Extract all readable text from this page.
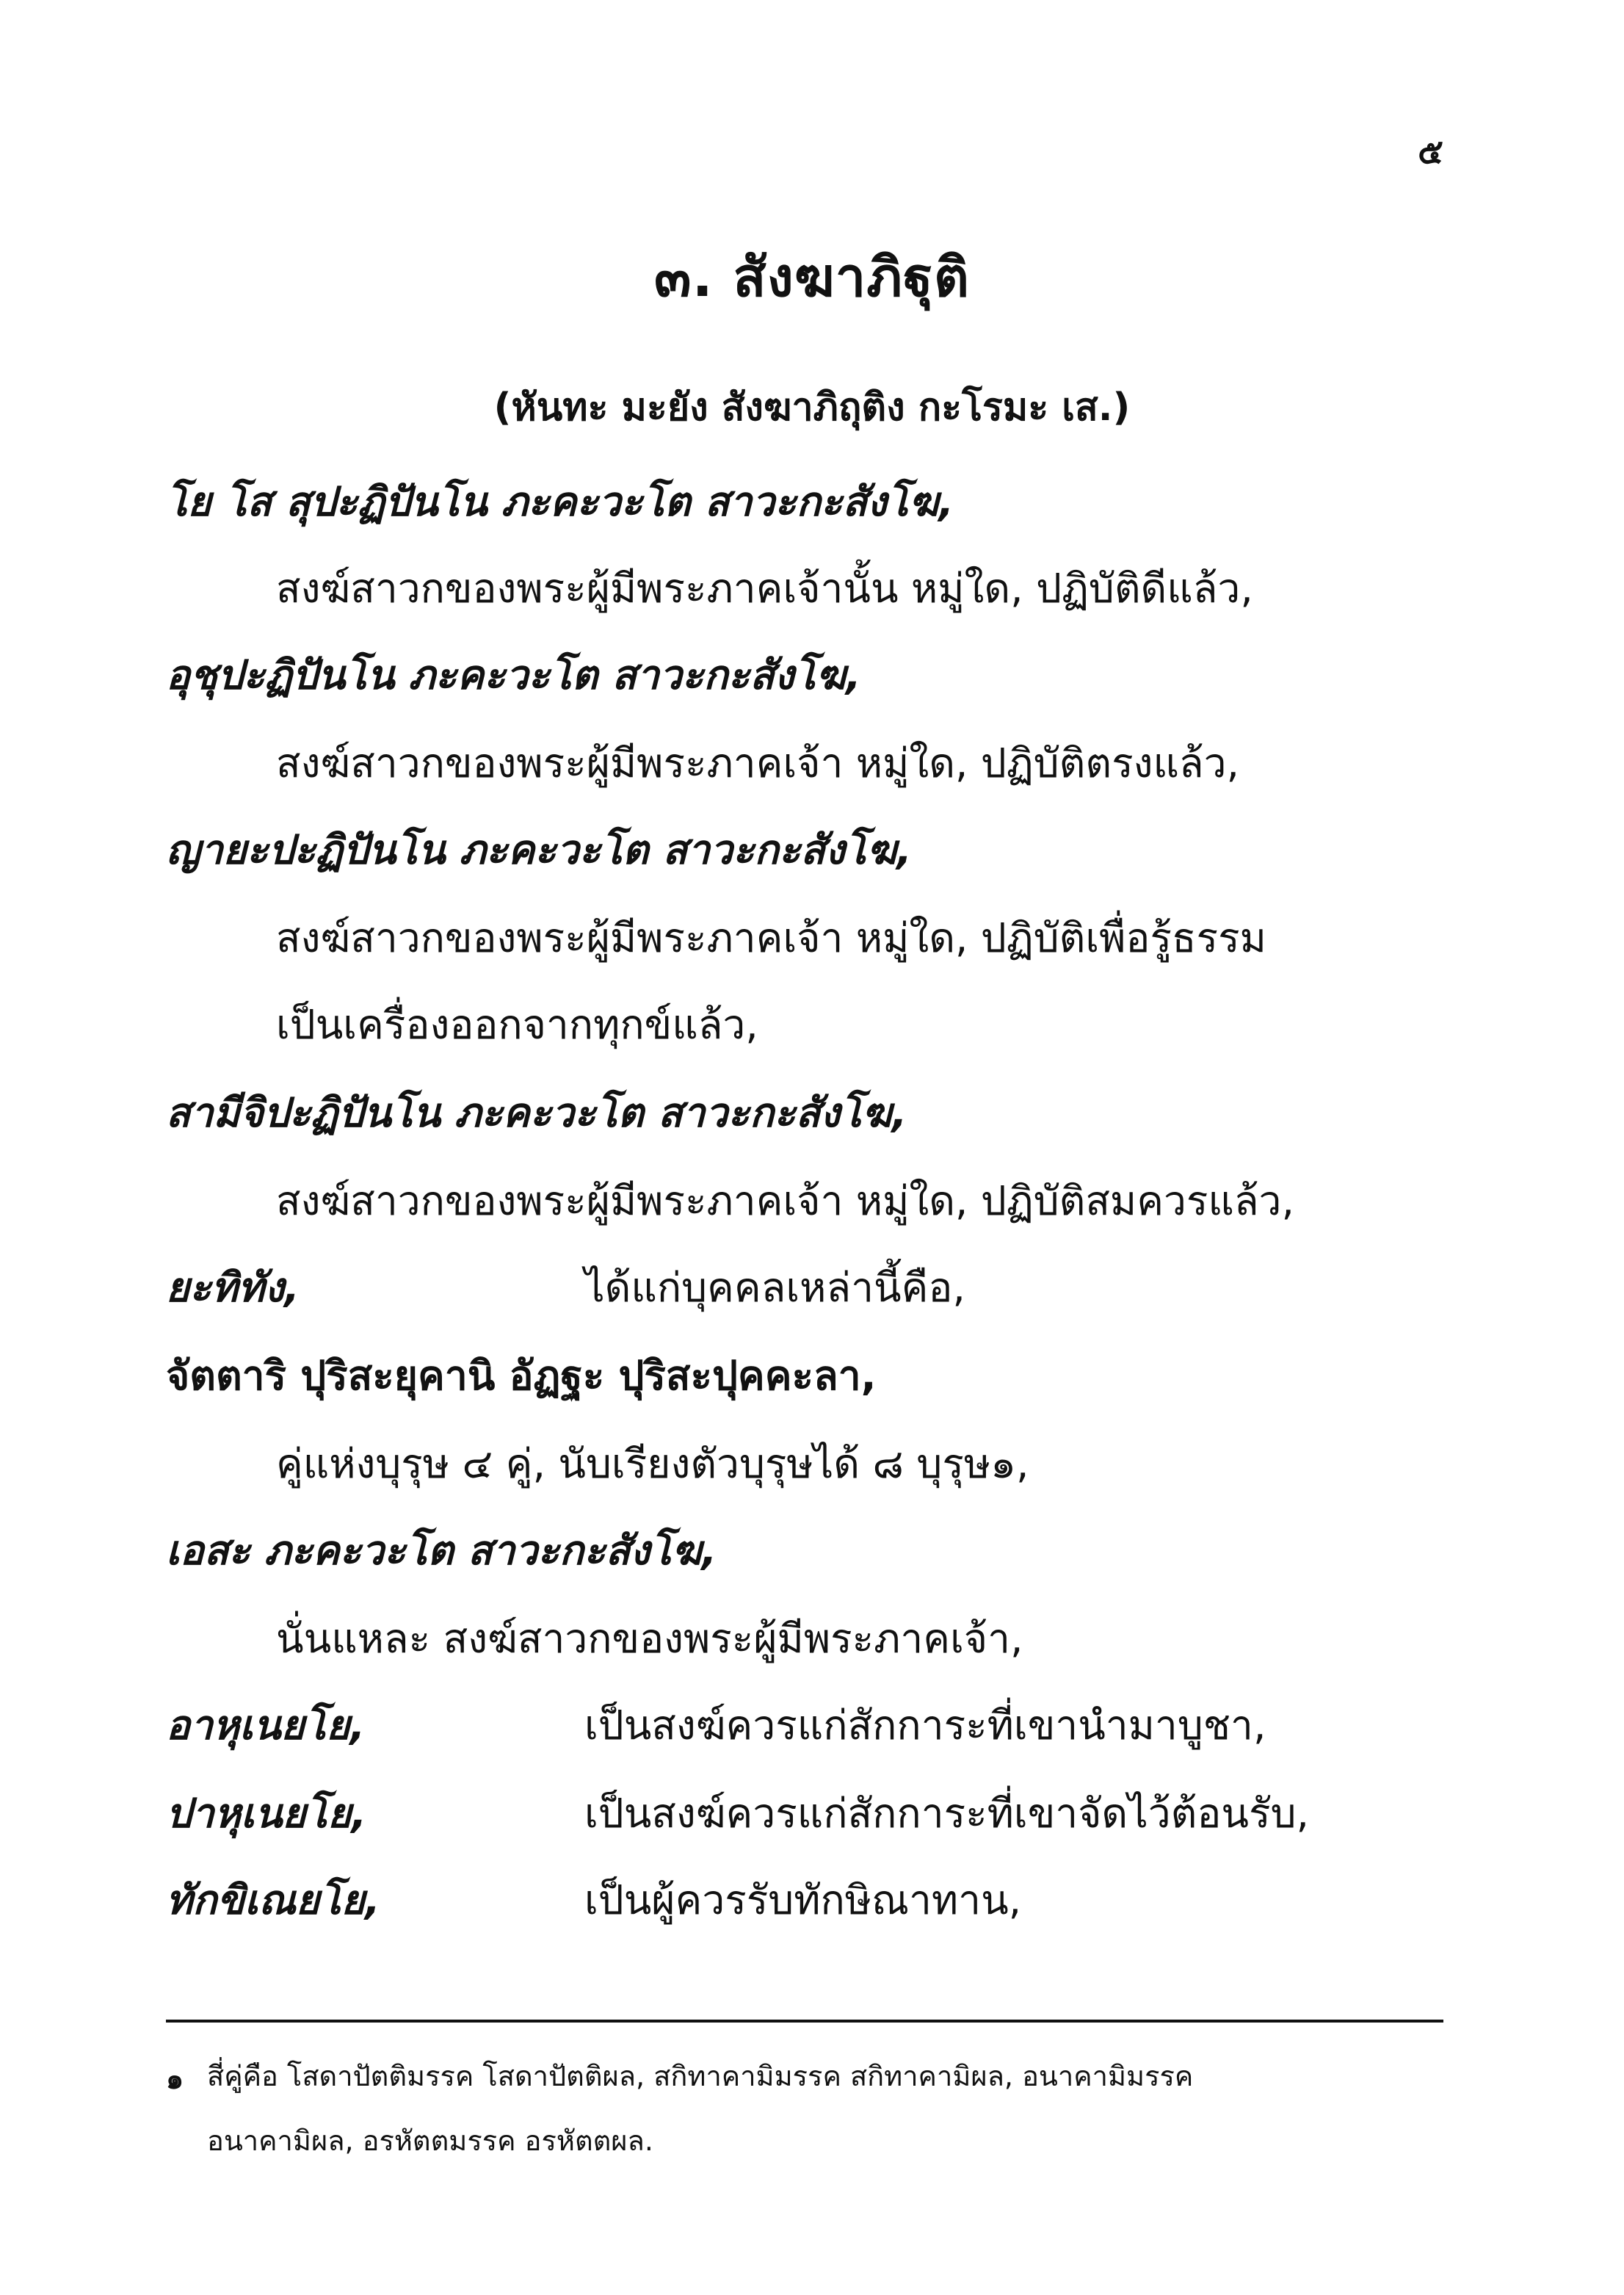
๕
๓. สังฆาภิฐุติ
(หันทะ มะยัง สังฆาภิถุติง กะโรมะ เส.)
โย โส สุปะฏิปันโน ภะคะวะโต สาวะกะสังโฆ,
สงฆ์สาวกของพระผู้มีพระภาคเจ้านั้น หมู่ใด, ปฏิบัติดีแล้ว,
อุชุปะฏิปันโน ภะคะวะโต สาวะกะสังโฆ,
สงฆ์สาวกของพระผู้มีพระภาคเจ้า หมู่ใด, ปฏิบัติตรงแล้ว,
ญายะปะฏิปันโน ภะคะวะโต สาวะกะสังโฆ,
สงฆ์สาวกของพระผู้มีพระภาคเจ้า หมู่ใด, ปฏิบัติเพื่อรู้ธรรม
เป็นเครื่องออกจากทุกข์แล้ว,
สามีจิปะฏิปันโน ภะคะวะโต สาวะกะสังโฆ,
สงฆ์สาวกของพระผู้มีพระภาคเจ้า หมู่ใด, ปฏิบัติสมควรแล้ว,
ยะทิทัง,	ได้แก่บุคคลเหล่านี้คือ,
จัตตาริ ปุริสะยุคานิ อัฏฐะ ปุริสะปุคคะลา,
คู่แห่งบุรุษ ๔ คู่, นับเรียงตัวบุรุษได้ ๘ บุรุษ๑,
เอสะ ภะคะวะโต สาวะกะสังโฆ,
นั่นแหละ สงฆ์สาวกของพระผู้มีพระภาคเจ้า,
อาหุเนยโย,	เป็นสงฆ์ควรแก่สักการะที่เขานำมาบูชา,
ปาหุเนยโย,	เป็นสงฆ์ควรแก่สักการะที่เขาจัดไว้ต้อนรับ,
ทักขิเณยโย,	เป็นผู้ควรรับทักษิณาทาน,
๑ สี่คู่คือ โสดาปัตติมรรค โสดาปัตติผล, สกิทาคามิมรรค สกิทาคามิผล, อนาคามิมรรค
อนาคามิผล, อรหัตตมรรค อรหัตตผล.
